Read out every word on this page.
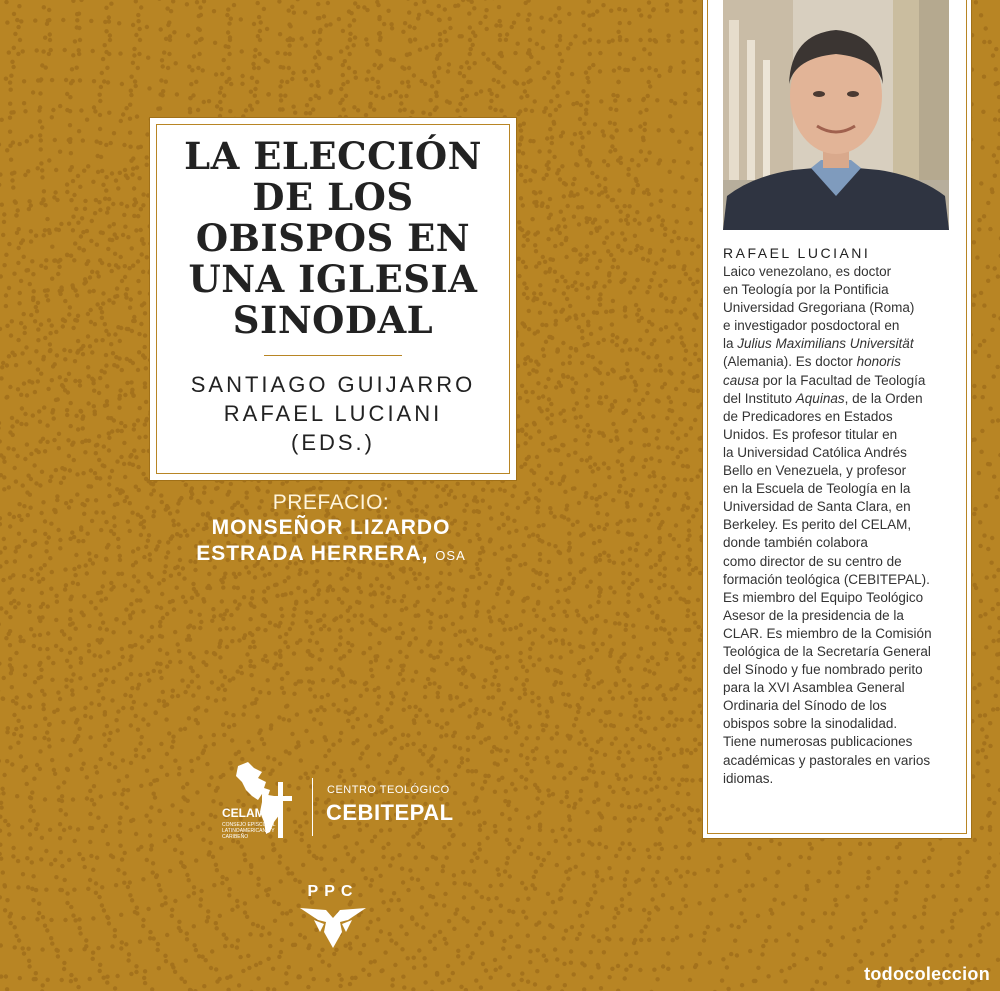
LA ELECCIÓN
DE LOS
OBISPOS EN
UNA IGLESIA
SINODAL
SANTIAGO GUIJARRO
RAFAEL LUCIANI
(EDS.)
PREFACIO:
MONSEÑOR LIZARDO
ESTRADA HERRERA, OSA
CELAM
CONSEJO EPISCOPAL LATINOAMERICANO Y CARIBEÑO
CENTRO TEOLÓGICO
CEBITEPAL
PPC
RAFAEL LUCIANI
Laico venezolano, es doctor
en Teología por la Pontificia
Universidad Gregoriana (Roma)
e investigador posdoctoral en
la Julius Maximilians Universität
(Alemania). Es doctor honoris
causa por la Facultad de Teología
del Instituto Aquinas, de la Orden
de Predicadores en Estados
Unidos. Es profesor titular en
la Universidad Católica Andrés
Bello en Venezuela, y profesor
en la Escuela de Teología en la
Universidad de Santa Clara, en
Berkeley. Es perito del CELAM,
donde también colabora
como director de su centro de
formación teológica (CEBITEPAL).
Es miembro del Equipo Teológico
Asesor de la presidencia de la
CLAR. Es miembro de la Comisión
Teológica de la Secretaría General
del Sínodo y fue nombrado perito
para la XVI Asamblea General
Ordinaria del Sínodo de los
obispos sobre la sinodalidad.
Tiene numerosas publicaciones
académicas y pastorales en varios
idiomas.
todocoleccion
